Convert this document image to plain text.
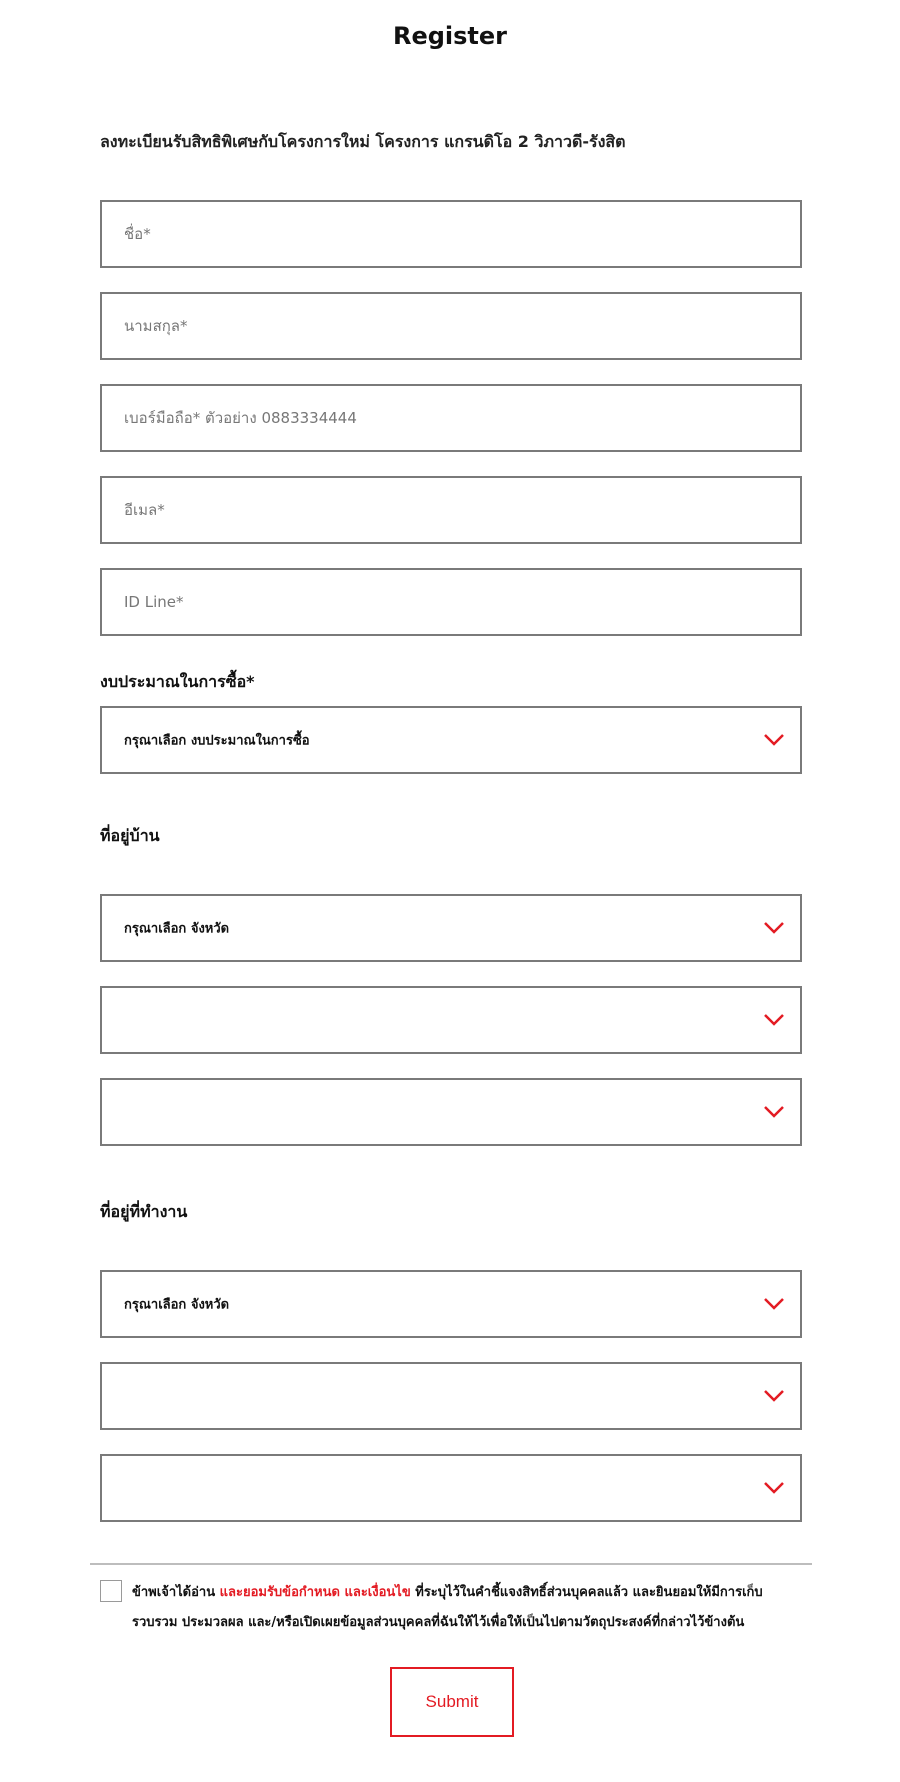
Register
ลงทะเบียนรับสิทธิพิเศษกับโครงการใหม่ โครงการ แกรนดิโอ 2 วิภาวดี-รังสิต
ชื่อ*
นามสกุล*
เบอร์มือถือ* ตัวอย่าง 0883334444
อีเมล*
ID Line*
งบประมาณในการซื้อ*
กรุณาเลือก งบประมาณในการซื้อ
ที่อยู่บ้าน
กรุณาเลือก จังหวัด
ที่อยู่ที่ทำงาน
กรุณาเลือก จังหวัด
ข้าพเจ้าได้อ่าน และยอมรับข้อกำหนด และเงื่อนไข ที่ระบุไว้ในคำชี้แจงสิทธิ์ส่วนบุคคลแล้ว และยินยอมให้มีการเก็บรวบรวม ประมวลผล และ/หรือเปิดเผยข้อมูลส่วนบุคคลที่ฉันให้ไว้เพื่อให้เป็นไปตามวัตถุประสงค์ที่กล่าวไว้ข้างต้น
Submit
